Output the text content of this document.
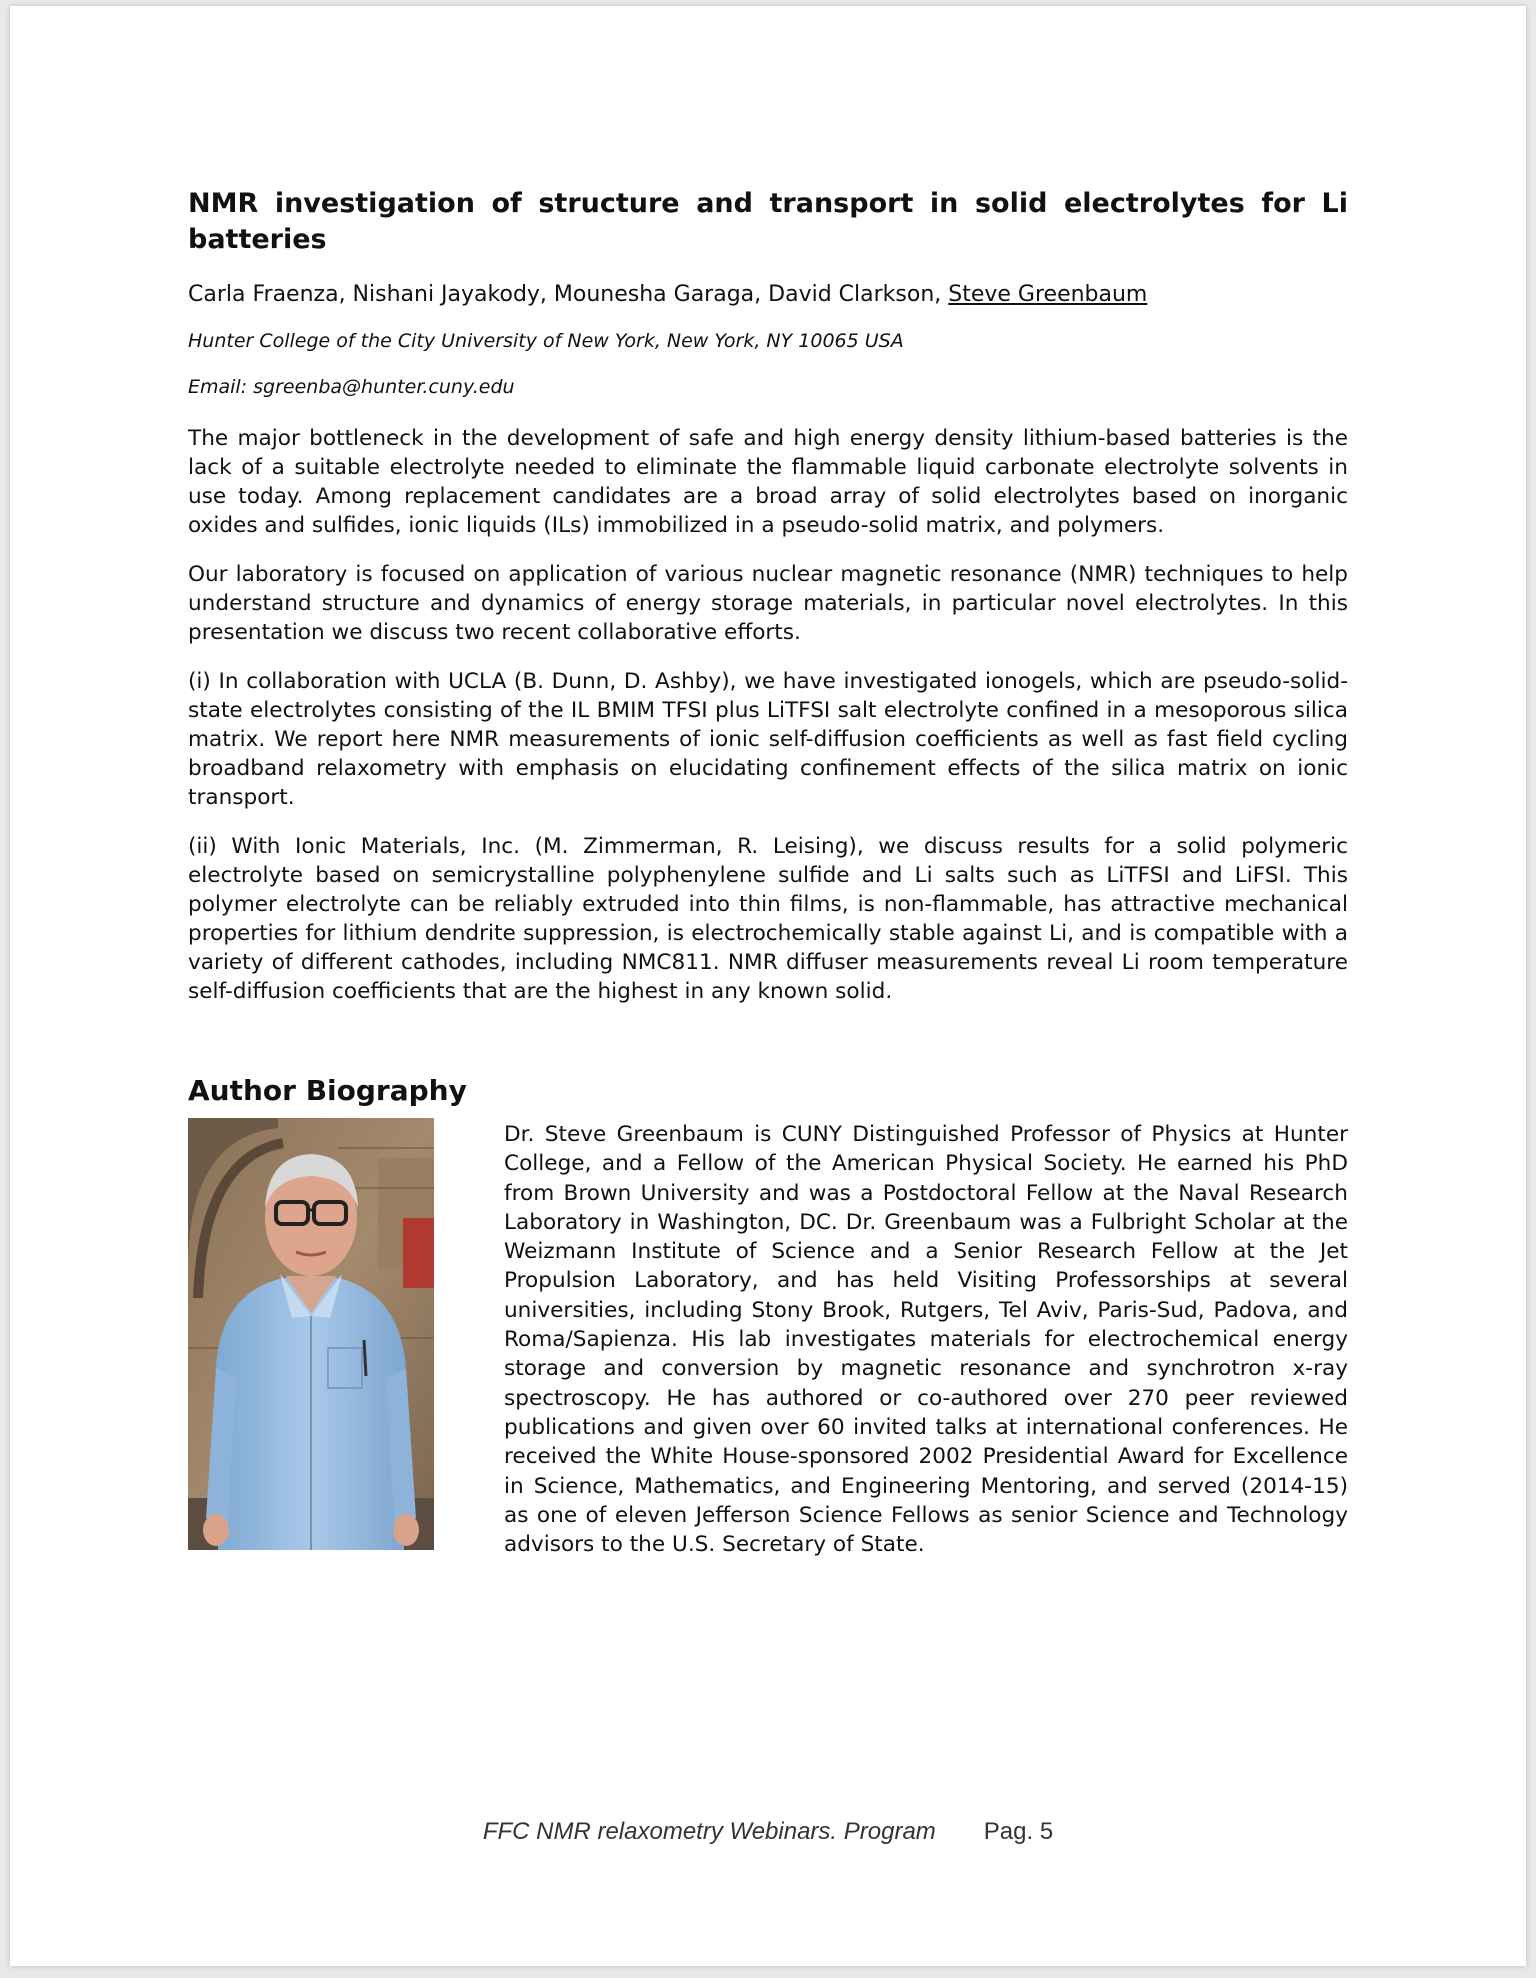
NMR investigation of structure and transport in solid electrolytes for Li batteries
Carla Fraenza, Nishani Jayakody, Mounesha Garaga, David Clarkson, Steve Greenbaum
Hunter College of the City University of New York, New York, NY 10065 USA
Email: sgreenba@hunter.cuny.edu

The major bottleneck in the development of safe and high energy density lithium-based batteries is the lack of a suitable electrolyte needed to eliminate the flammable liquid carbonate electrolyte solvents in use today. Among replacement candidates are a broad array of solid electrolytes based on inorganic oxides and sulfides, ionic liquids (ILs) immobilized in a pseudo-solid matrix, and polymers.

Our laboratory is focused on application of various nuclear magnetic resonance (NMR) techniques to help understand structure and dynamics of energy storage materials, in particular novel electrolytes. In this presentation we discuss two recent collaborative efforts.

(i) In collaboration with UCLA (B. Dunn, D. Ashby), we have investigated ionogels, which are pseudo-solid-state electrolytes consisting of the IL BMIM TFSI plus LiTFSI salt electrolyte confined in a mesoporous silica matrix. We report here NMR measurements of ionic self-diffusion coefficients as well as fast field cycling broadband relaxometry with emphasis on elucidating confinement effects of the silica matrix on ionic transport.

(ii) With Ionic Materials, Inc. (M. Zimmerman, R. Leising), we discuss results for a solid polymeric electrolyte based on semicrystalline polyphenylene sulfide and Li salts such as LiTFSI and LiFSI. This polymer electrolyte can be reliably extruded into thin films, is non-flammable, has attractive mechanical properties for lithium dendrite suppression, is electrochemically stable against Li, and is compatible with a variety of different cathodes, including NMC811. NMR diffuser measurements reveal Li room temperature self-diffusion coefficients that are the highest in any known solid.

Author Biography

Dr. Steve Greenbaum is CUNY Distinguished Professor of Physics at Hunter College, and a Fellow of the American Physical Society. He earned his PhD from Brown University and was a Postdoctoral Fellow at the Naval Research Laboratory in Washington, DC. Dr. Greenbaum was a Fulbright Scholar at the Weizmann Institute of Science and a Senior Research Fellow at the Jet Propulsion Laboratory, and has held Visiting Professorships at several universities, including Stony Brook, Rutgers, Tel Aviv, Paris-Sud, Padova, and Roma/Sapienza. His lab investigates materials for electrochemical energy storage and conversion by magnetic resonance and synchrotron x-ray spectroscopy. He has authored or co-authored over 270 peer reviewed publications and given over 60 invited talks at international conferences. He received the White House-sponsored 2002 Presidential Award for Excellence in Science, Mathematics, and Engineering Mentoring, and served (2014-15) as one of eleven Jefferson Science Fellows as senior Science and Technology advisors to the U.S. Secretary of State.

FFC NMR relaxometry Webinars. Program Pag. 5
